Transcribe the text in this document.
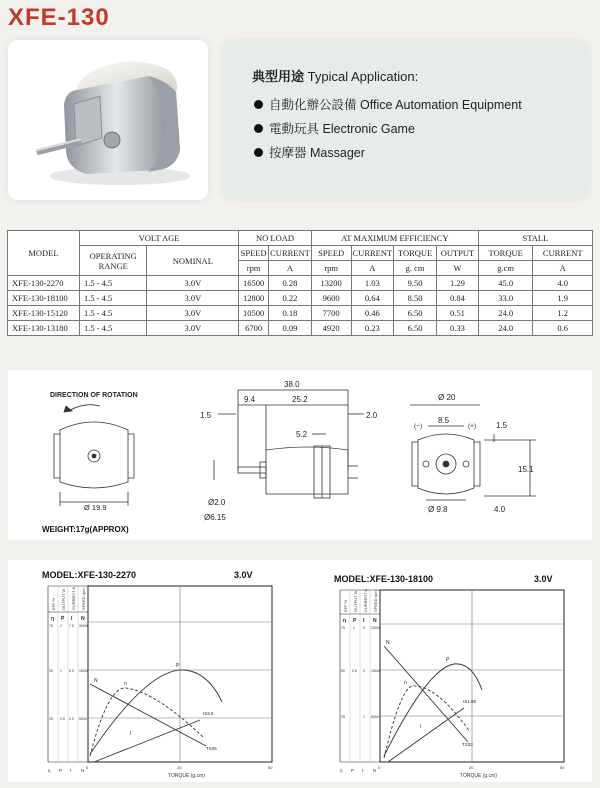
XFE-130
典型用途 Typical Application:
自動化辦公設備 Office Automation Equipment
電動玩具 Electronic Game
按摩器 Massager
MODEL	VOLT AGE		NO LOAD		AT MAXIMUM EFFICIENCY				STALL	
	OPERATING
RANGE	NOMINAL	SPEED	CURRENT	SPEED	CURRENT	TORQUE	OUTPUT	TORQUE	CURRENT
			rpm	A	rpm	A	g. cm	W	g.cm	A
XFE-130-2270	1.5 - 4.5	3.0V	16500	0.28	13200	1.03	9.50	1.29	45.0	4.0
XFE-130-18100	1.5 - 4.5	3.0V	12800	0.22	9600	0.64	8.50	0.84	33.0	1.9
XFE-130-15120	1.5 - 4.5	3.0V	10500	0.18	7700	0.46	6.50	0.51	24.0	1.2
XFE-130-13180	1.5 - 4.5	3.0V	6700	0.09	4920	0.23	6.50	0.33	24.0	0.6
DIRECTION OF ROTATION
Ø 19.9
WEIGHT:17g(APPROX)
38.0
9.4	25.2
1.5	2.0
5.2
Ø2.0
Ø6.15
Ø 20
(−)	(+)
8.5
1.5
15.1
Ø 9.8	4.0
MODEL:XFE-130-2270	3.0V
EFF % OUTPUT W CURRENT A SPEED rpm
η P I N
75 2 7.5 30000
20 1 5.0 15000
25 0.5 2.5 5000
N	n
P
I
IS3.8
TS45
0	20	50
TORQUE (g.cm)
η P I N
MODEL:XFE-130-18100	3.0V
EFF % OUTPUT W CURRENT A SPEED rpm
η P I N
75 1 3 20000
50 0.5 2 15000
25	1 5000
N
n
P
I
IS1.85
TS33
0	20	50
TORQUE (g.cm)
η P I N
